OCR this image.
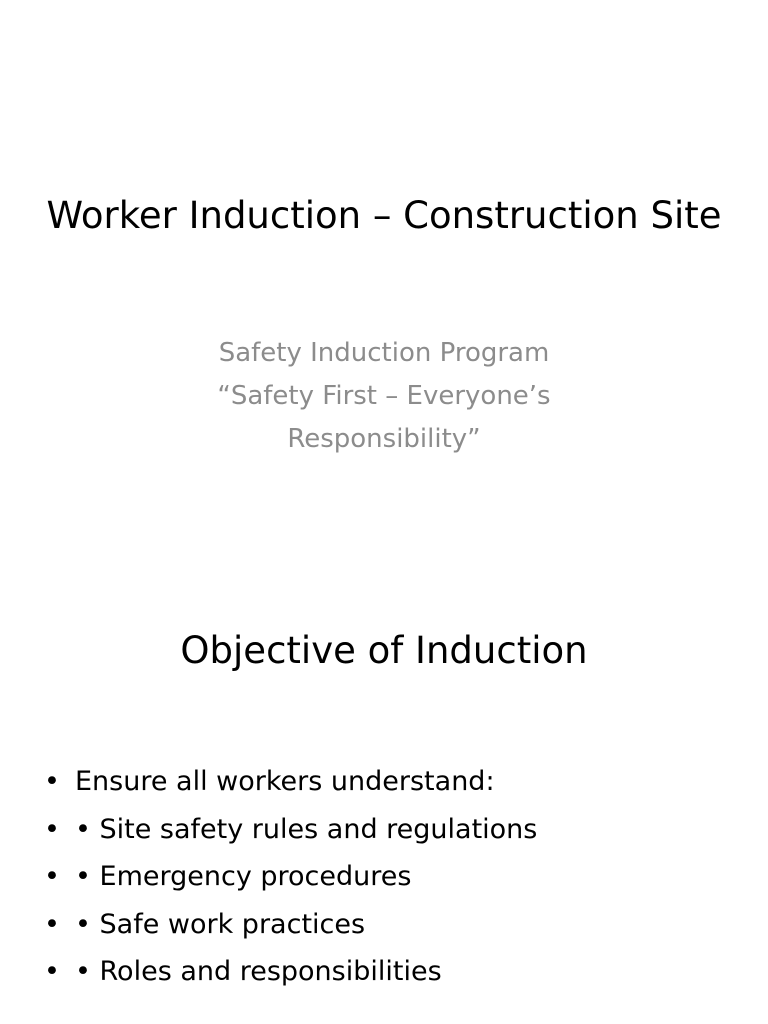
Worker Induction – Construction Site

Safety Induction Program
“Safety First – Everyone’s Responsibility”

Objective of Induction
• Ensure all workers understand:
• • Site safety rules and regulations
• • Emergency procedures
• • Safe work practices
• • Roles and responsibilities
